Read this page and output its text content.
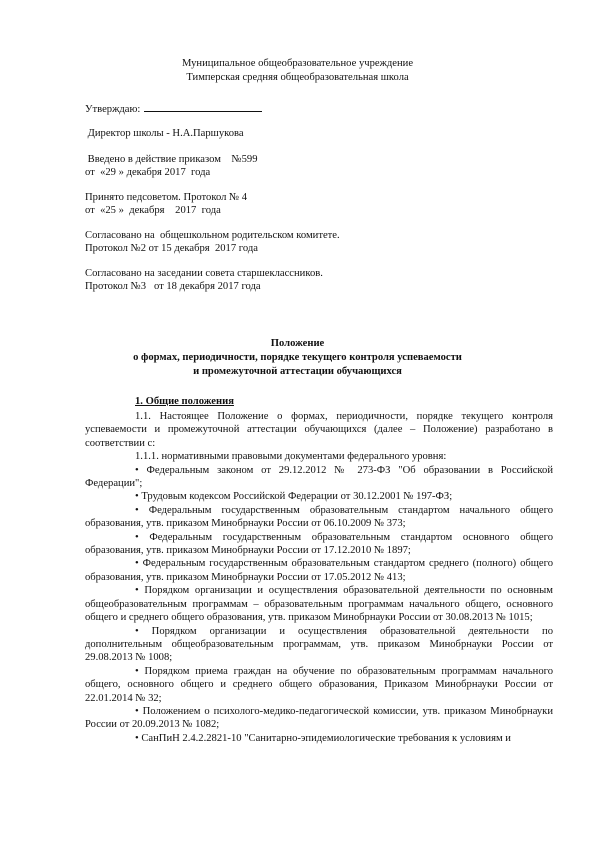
Муниципальное общеобразовательное учреждение
Тимперская средняя общеобразовательная школа
Утверждаю:
Директор школы - Н.А.Паршукова
Введено в действие приказом    №599
от  «29 » декабря 2017  года
Принято педсоветом. Протокол № 4
от  «25 »  декабря    2017  года
Согласовано на  общешкольном родительском комитете.
Протокол №2 от 15 декабря  2017 года
Согласовано на заседании совета старшеклассников.
Протокол №3   от 18 декабря 2017 года
Положение
о формах, периодичности, порядке текущего контроля успеваемости
и промежуточной аттестации обучающихся
1. Общие положения

1.1. Настоящее Положение о формах, периодичности, порядке текущего контроля успеваемости и промежуточной аттестации обучающихся (далее – Положение) разработано в соответствии с:

1.1.1. нормативными правовыми документами федерального уровня:

• Федеральным законом от 29.12.2012 № 273-ФЗ "Об образовании в Российской Федерации";

• Трудовым кодексом Российской Федерации от 30.12.2001 № 197-ФЗ;

• Федеральным государственным образовательным стандартом начального общего образования, утв. приказом Минобрнауки России от 06.10.2009 № 373;

• Федеральным государственным образовательным стандартом основного общего образования, утв. приказом Минобрнауки России от 17.12.2010 № 1897;

• Федеральным государственным образовательным стандартом среднего (полного) общего образования, утв. приказом Минобрнауки России от 17.05.2012 № 413;

• Порядком организации и осуществления образовательной деятельности по основным общеобразовательным программам – образовательным программам начального общего, основного общего и среднего общего образования, утв. приказом Минобрнауки России от 30.08.2013 № 1015;

• Порядком организации и осуществления образовательной деятельности по дополнительным общеобразовательным программам, утв. приказом Минобрнауки России от 29.08.2013 № 1008;

• Порядком приема граждан на обучение по образовательным программам начального общего, основного общего и среднего общего образования, Приказом Минобрнауки России от 22.01.2014 № 32;

• Положением о психолого-медико-педагогической комиссии, утв. приказом Минобрнауки России от 20.09.2013 № 1082;

• СанПиН 2.4.2.2821-10 "Санитарно-эпидемиологические требования к условиям и
